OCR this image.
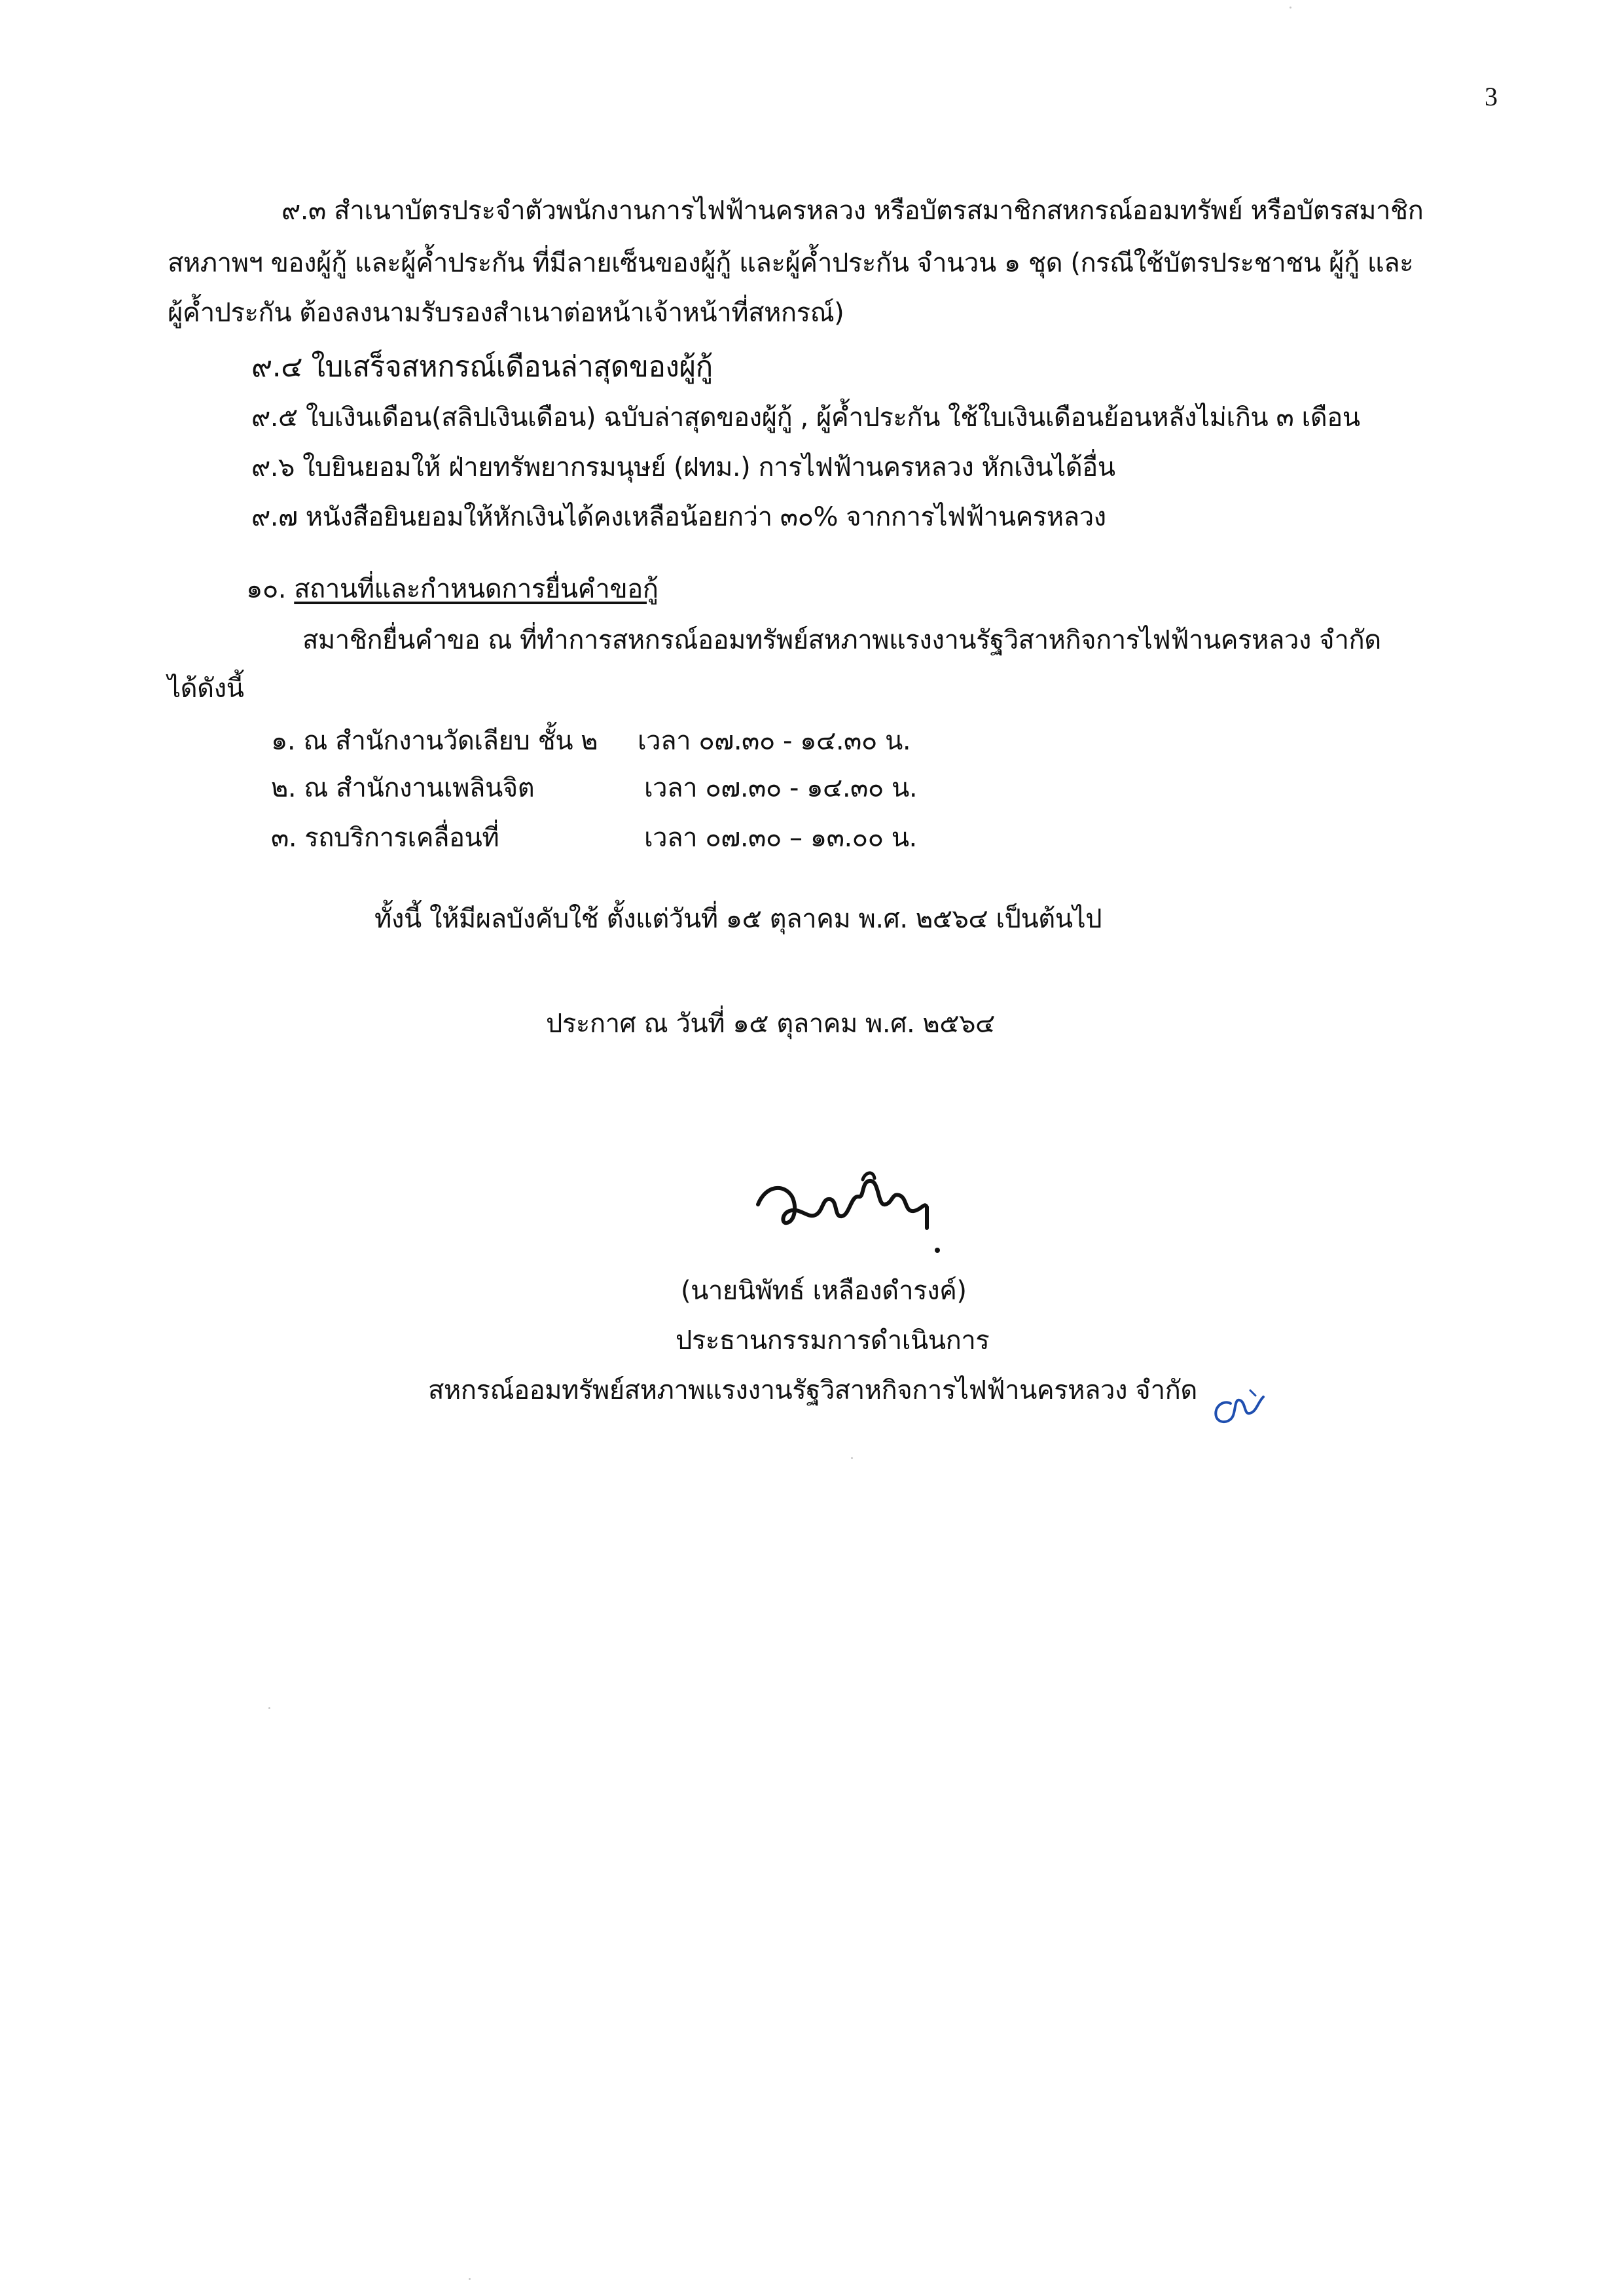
3
๙.๓ สำเนาบัตรประจำตัวพนักงานการไฟฟ้านครหลวง หรือบัตรสมาชิกสหกรณ์ออมทรัพย์ หรือบัตรสมาชิก
สหภาพฯ ของผู้กู้ และผู้ค้ำประกัน ที่มีลายเซ็นของผู้กู้ และผู้ค้ำประกัน จำนวน ๑ ชุด (กรณีใช้บัตรประชาชน ผู้กู้ และ
ผู้ค้ำประกัน ต้องลงนามรับรองสำเนาต่อหน้าเจ้าหน้าที่สหกรณ์)
๙.๔ ใบเสร็จสหกรณ์เดือนล่าสุดของผู้กู้
๙.๕ ใบเงินเดือน(สลิปเงินเดือน) ฉบับล่าสุดของผู้กู้ , ผู้ค้ำประกัน ใช้ใบเงินเดือนย้อนหลังไม่เกิน ๓ เดือน
๙.๖ ใบยินยอมให้ ฝ่ายทรัพยากรมนุษย์ (ฝทม.) การไฟฟ้านครหลวง หักเงินได้อื่น
๙.๗ หนังสือยินยอมให้หักเงินได้คงเหลือน้อยกว่า ๓๐% จากการไฟฟ้านครหลวง
๑๐. สถานที่และกำหนดการยื่นคำขอกู้
สมาชิกยื่นคำขอ ณ ที่ทำการสหกรณ์ออมทรัพย์สหภาพแรงงานรัฐวิสาหกิจการไฟฟ้านครหลวง จำกัด
ได้ดังนี้
๑. ณ สำนักงานวัดเลียบ ชั้น ๒ เวลา ๐๗.๓๐ - ๑๔.๓๐ น.
๒. ณ สำนักงานเพลินจิต	เวลา ๐๗.๓๐ - ๑๔.๓๐ น.
๓. รถบริการเคลื่อนที่	เวลา ๐๗.๓๐ – ๑๓.๐๐ น.
ทั้งนี้ ให้มีผลบังคับใช้ ตั้งแต่วันที่ ๑๕ ตุลาคม พ.ศ. ๒๕๖๔ เป็นต้นไป
ประกาศ ณ วันที่ ๑๕ ตุลาคม พ.ศ. ๒๕๖๔
(นายนิพัทธ์ เหลืองดำรงค์)
ประธานกรรมการดำเนินการ
สหกรณ์ออมทรัพย์สหภาพแรงงานรัฐวิสาหกิจการไฟฟ้านครหลวง จำกัด
